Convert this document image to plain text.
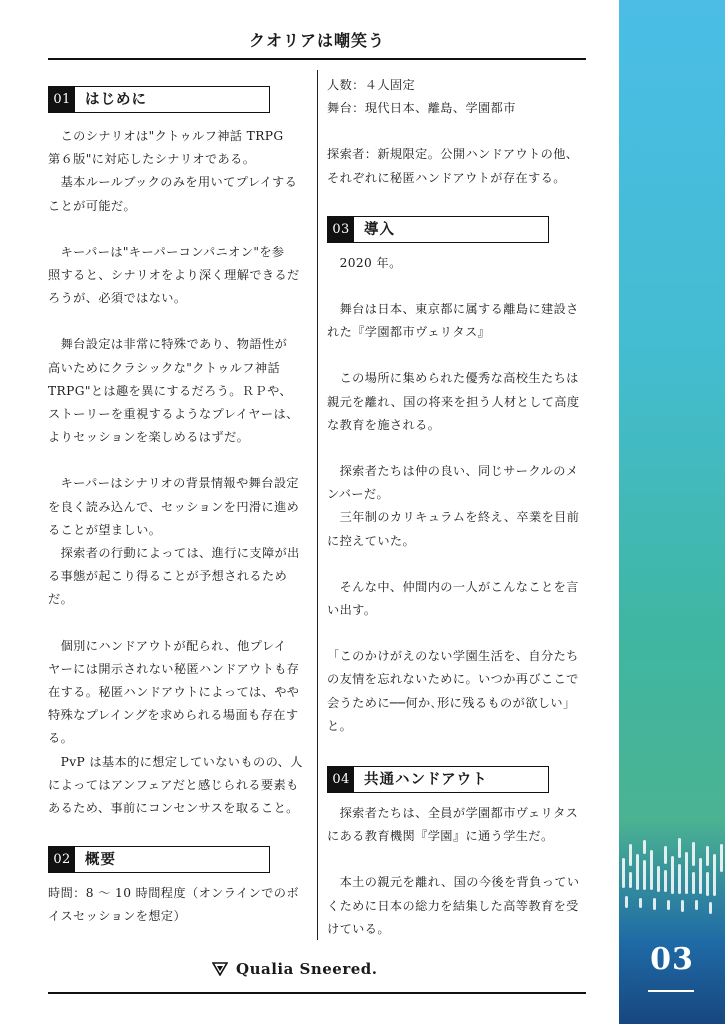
クオリアは嘲笑う
01 はじめに

　このシナリオは"クトゥルフ神話 TRPG
第６版"に対応したシナリオである。
　基本ルールブックのみを用いてプレイする
ことが可能だ。

　キーパーは"キーパーコンパニオン"を参
照すると、シナリオをより深く理解できるだ
ろうが、必須ではない。

　舞台設定は非常に特殊であり、物語性が
高いためにクラシックな"クトゥルフ神話
TRPG"とは趣を異にするだろう。ＲＰや、
ストーリーを重視するようなプレイヤーは、
よりセッションを楽しめるはずだ。

　キーパーはシナリオの背景情報や舞台設定
を良く読み込んで、セッションを円滑に進め
ることが望ましい。
　探索者の行動によっては、進行に支障が出
る事態が起こり得ることが予想されるため
だ。

　個別にハンドアウトが配られ、他プレイ
ヤーには開示されない秘匿ハンドアウトも存
在する。秘匿ハンドアウトによっては、やや
特殊なプレイングを求められる場面も存在す
る。
　PvP は基本的に想定していないものの、人
によってはアンフェアだと感じられる要素も
あるため、事前にコンセンサスを取ること。

02 概要

時間：8 〜 10 時間程度（オンラインでのボ
イスセッションを想定）

人数：４人固定
舞台：現代日本、離島、学園都市

探索者：新規限定。公開ハンドアウトの他、
それぞれに秘匿ハンドアウトが存在する。

03 導入

　2020 年。

　舞台は日本、東京都に属する離島に建設さ
れた『学園都市ヴェリタス』

　この場所に集められた優秀な高校生たちは
親元を離れ、国の将来を担う人材として高度
な教育を施される。

　探索者たちは仲の良い、同じサークルのメ
ンバーだ。
　三年制のカリキュラムを終え、卒業を目前
に控えていた。

　そんな中、仲間内の一人がこんなことを言
い出す。

「このかけがえのない学園生活を、自分たち
の友情を忘れないために。いつか再びここで
会うために──何か､形に残るものが欲しい」
と。

04 共通ハンドアウト

　探索者たちは、全員が学園都市ヴェリタス
にある教育機関『学園』に通う学生だ。

　本土の親元を離れ、国の今後を背負ってい
くために日本の総力を結集した高等教育を受
けている。

Qualia Sneered.	03
